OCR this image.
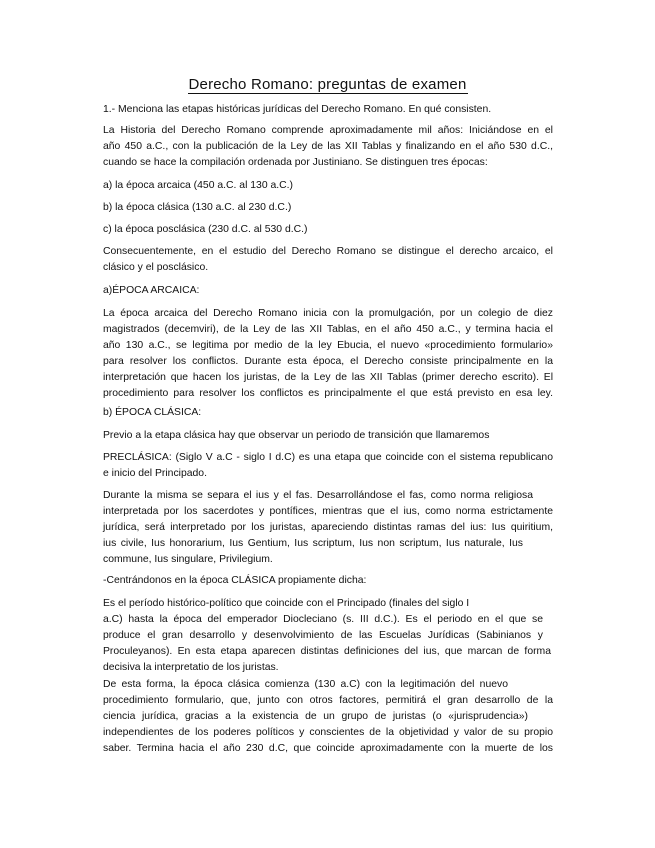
Derecho Romano: preguntas de examen
1.- Menciona las etapas históricas jurídicas del Derecho Romano. En qué consisten.
La Historia del Derecho Romano comprende aproximadamente mil años: Iniciándose en el
año 450 a.C., con la publicación de la Ley de las XII Tablas y finalizando en el año 530 d.C.,
cuando se hace la compilación ordenada por Justiniano. Se distinguen tres épocas:
a) la época arcaica (450 a.C. al 130 a.C.)
b) la época clásica (130 a.C. al 230 d.C.)
c) la época posclásica (230 d.C. al 530 d.C.)
Consecuentemente, en el estudio del Derecho Romano se distingue el derecho arcaico, el
clásico y el posclásico.
a)ÉPOCA ARCAICA:
La época arcaica del Derecho Romano inicia con la promulgación, por un colegio de diez
magistrados (decemviri), de la Ley de las XII Tablas, en el año 450 a.C., y termina hacia el
año 130 a.C., se legitima por medio de la ley Ebucia, el nuevo «procedimiento formulario»
para resolver los conflictos. Durante esta época, el Derecho consiste principalmente en la
interpretación que hacen los juristas, de la Ley de las XII Tablas (primer derecho escrito). El
procedimiento para resolver los conflictos es principalmente el que está previsto en esa ley.
b) ÉPOCA CLÁSICA:
Previo a la etapa clásica hay que observar un periodo de transición que llamaremos
PRECLÁSICA: (Siglo V a.C - siglo I d.C) es una etapa que coincide con el sistema republicano
e inicio del Principado.
Durante la misma se separa el ius y el fas. Desarrollándose el fas, como norma religiosa
interpretada por los sacerdotes y pontífices, mientras que el ius, como norma estrictamente
jurídica, será interpretado por los juristas, apareciendo distintas ramas del ius: Ius quiritium,
ius civile, Ius honorarium, Ius Gentium, Ius scriptum, Ius non scriptum, Ius naturale, Ius
commune, Ius singulare, Privilegium.
-Centrándonos en la época CLÁSICA propiamente dicha:
Es el período histórico-político que coincide con el Principado (finales del siglo I
a.C) hasta la época del emperador Diocleciano (s. III d.C.). Es el periodo en el que se
produce el gran desarrollo y desenvolvimiento de las Escuelas Jurídicas (Sabinianos y
Proculeyanos). En esta etapa aparecen distintas definiciones del ius, que marcan de forma
decisiva la interpretatio de los juristas.
De esta forma, la época clásica comienza (130 a.C) con la legitimación del nuevo
procedimiento formulario, que, junto con otros factores, permitirá el gran desarrollo de la
ciencia jurídica, gracias a la existencia de un grupo de juristas (o «jurisprudencia»)
independientes de los poderes políticos y conscientes de la objetividad y valor de su propio
saber. Termina hacia el año 230 d.C, que coincide aproximadamente con la muerte de los
